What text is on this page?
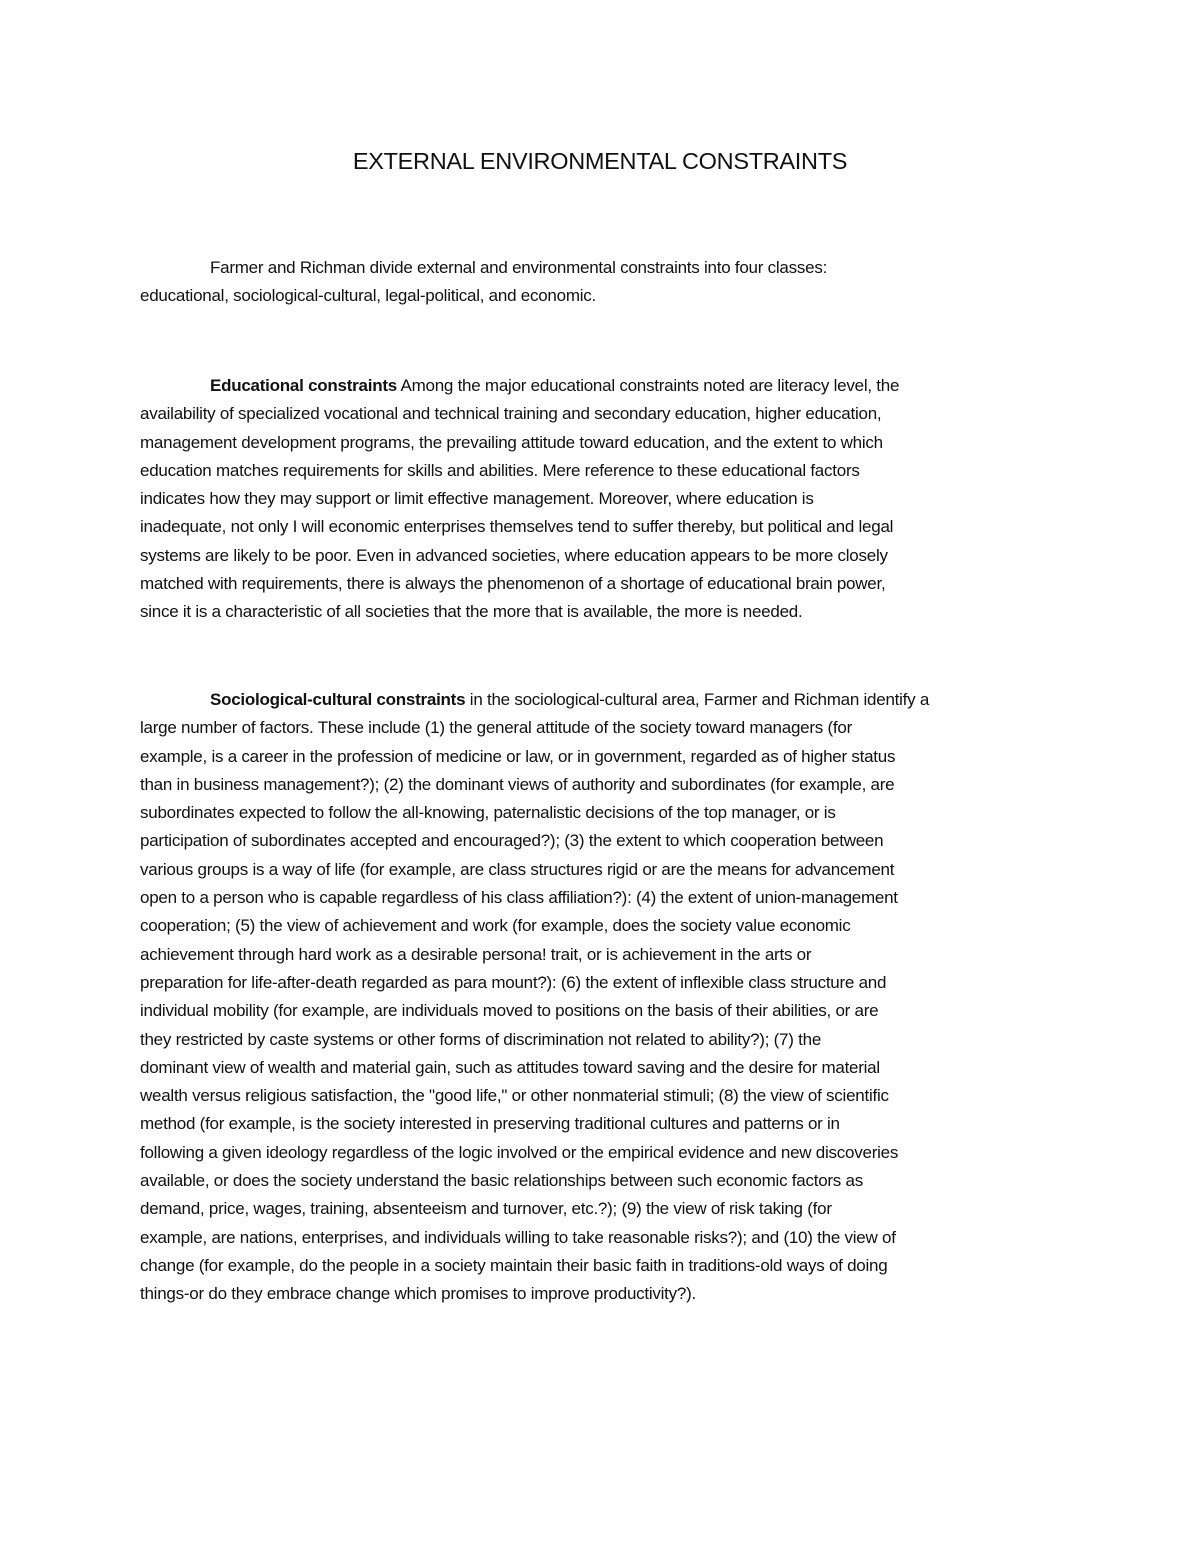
EXTERNAL ENVIRONMENTAL CONSTRAINTS
Farmer and Richman divide external and environmental constraints into four classes:
educational, sociological-cultural, legal-political, and economic.
Educational constraints Among the major educational constraints noted are literacy level, the
availability of specialized vocational and technical training and secondary education, higher education,
management development programs, the prevailing attitude toward education, and the extent to which
education matches requirements for skills and abilities. Mere reference to these educational factors
indicates how they may support or limit effective management. Moreover, where education is
inadequate, not only I will economic enterprises themselves tend to suffer thereby, but political and legal
systems are likely to be poor. Even in advanced societies, where education appears to be more closely
matched with requirements, there is always the phenomenon of a shortage of educational brain power,
since it is a characteristic of all societies that the more that is available, the more is needed.
Sociological-cultural constraints in the sociological-cultural area, Farmer and Richman identify a
large number of factors. These include (1) the general attitude of the society toward managers (for
example, is a career in the profession of medicine or law, or in government, regarded as of higher status
than in business management?); (2) the dominant views of authority and subordinates (for example, are
subordinates expected to follow the all-knowing, paternalistic decisions of the top manager, or is
participation of subordinates accepted and encouraged?); (3) the extent to which cooperation between
various groups is a way of life (for example, are class structures rigid or are the means for advancement
open to a person who is capable regardless of his class affiliation?): (4) the extent of union-management
cooperation; (5) the view of achievement and work (for example, does the society value economic
achievement through hard work as a desirable persona! trait, or is achievement in the arts or
preparation for life-after-death regarded as para mount?): (6) the extent of inflexible class structure and
individual mobility (for example, are individuals moved to positions on the basis of their abilities, or are
they restricted by caste systems or other forms of discrimination not related to ability?); (7) the
dominant view of wealth and material gain, such as attitudes toward saving and the desire for material
wealth versus religious satisfaction, the "good life," or other nonmaterial stimuli; (8) the view of scientific
method (for example, is the society interested in preserving traditional cultures and patterns or in
following a given ideology regardless of the logic involved or the empirical evidence and new discoveries
available, or does the society understand the basic relationships between such economic factors as
demand, price, wages, training, absenteeism and turnover, etc.?); (9) the view of risk taking (for
example, are nations, enterprises, and individuals willing to take reasonable risks?); and (10) the view of
change (for example, do the people in a society maintain their basic faith in traditions-old ways of doing
things-or do they embrace change which promises to improve productivity?).
